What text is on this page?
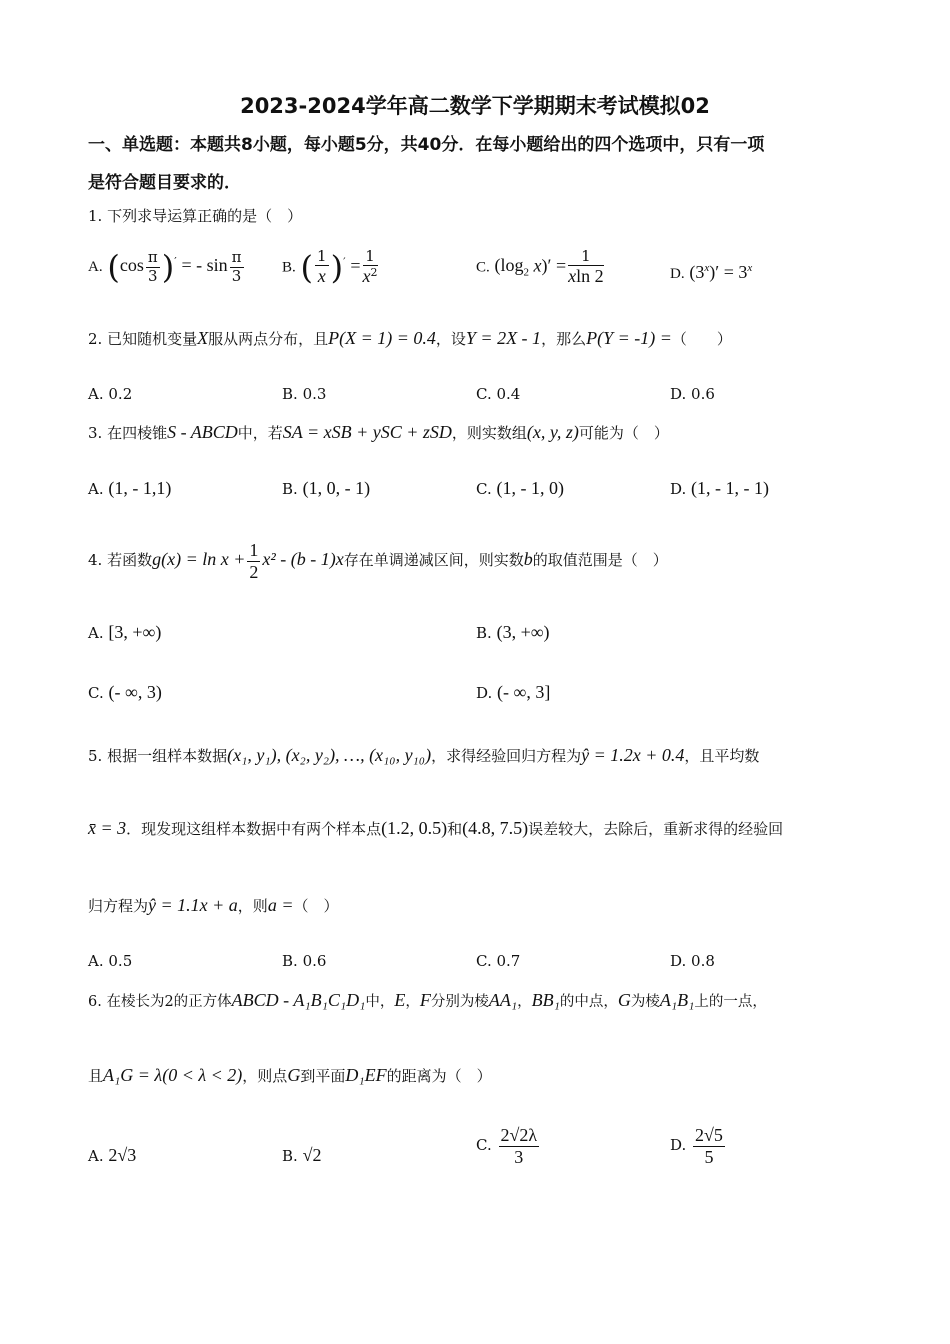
2023-2024学年高二数学下学期期末考试模拟02
一、单选题：本题共8小题，每小题5分，共40分．在每小题给出的四个选项中，只有一项
是符合题目要求的．
1. 下列求导运算正确的是（　）
A. $(\cos \frac{\pi}{3} )'$ = - $\sin \frac{\pi}{3}$	B. ( $\frac{1}{x} )' = \frac{1}{x^2}$	C. ($\log_2$ $x)' = \frac{1}{xln 2}$	D. $(3^x)' = 3^x$
2. 已知随机变量X服从两点分布，且P(X = 1) = 0.4，设Y = 2X - 1，那么P(Y = -1) =（　　）
A. 0.2	B. 0.3	C. 0.4	D. 0.6
3. 在四棱锥S - ABCD中，若SA = xSB + ySC + zSD，则实数组(x, y, z)可能为（　）
A. (1, - 1,1)	B. (1, 0, - 1)	C. (1, - 1, 0)	D. (1, - 1, - 1)
4. 若函数$g(x) = \ln x + \frac{1}{2} x^2 - (b - 1)x$存在单调递减区间，则实数b的取值范围是（　）
A. [3, +∞)	B. (3, +∞)
C. (- ∞, 3)	D. (- ∞, 3]
5. 根据一组样本数据(x₁, y₁), (x₂, y₂), …, (x₁₀, y₁₀)，求得经验回归方程为ŷ = 1.2x + 0.4，且平均数
x̄ = 3．现发现这组样本数据中有两个样本点(1.2, 0.5)和(4.8, 7.5)误差较大，去除后，重新求得的经验回
归方程为ŷ = 1.1x + a，则a =（　）
A. 0.5	B. 0.6	C. 0.7	D. 0.8
6. 在棱长为2的正方体ABCD - A₁B₁C₁D₁中，E，F分别为棱AA₁，BB₁的中点，G为棱A₁B₁上的一点，
且A₁G = λ(0 < λ < 2)，则点G到平面D₁EF的距离为（　）
A. 2√3	B. √2	C. $\frac{2√2\lambda}{3}$	D. $\frac{2√5}{5}$
